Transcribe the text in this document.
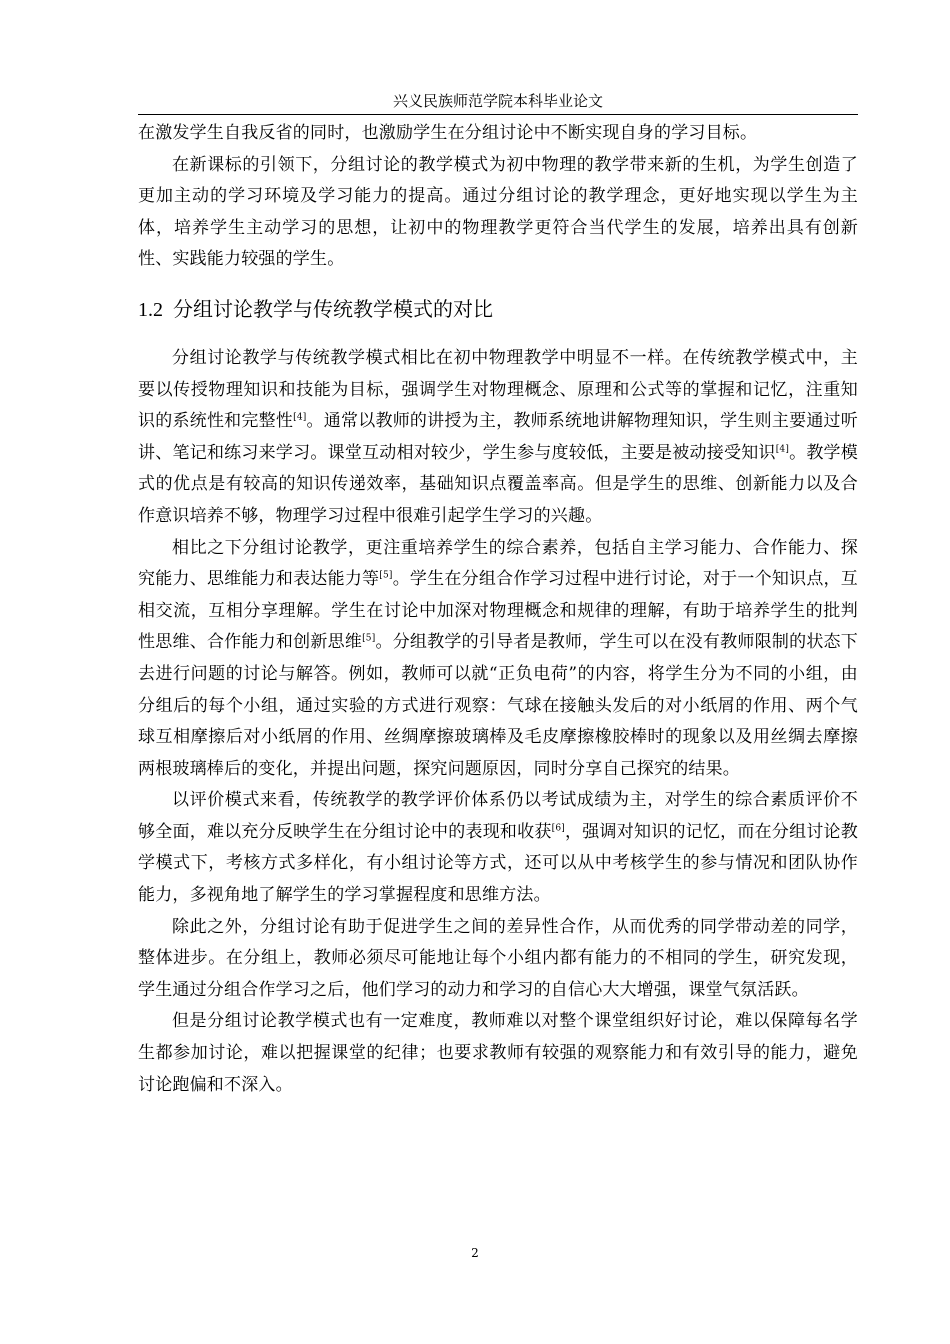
兴义民族师范学院本科毕业论文

在激发学生自我反省的同时，也激励学生在分组讨论中不断实现自身的学习目标。

在新课标的引领下，分组讨论的教学模式为初中物理的教学带来新的生机，为学生创造了更加主动的学习环境及学习能力的提高。通过分组讨论的教学理念，更好地实现以学生为主体，培养学生主动学习的思想，让初中的物理教学更符合当代学生的发展，培养出具有创新性、实践能力较强的学生。

1.2 分组讨论教学与传统教学模式的对比

分组讨论教学与传统教学模式相比在初中物理教学中明显不一样。在传统教学模式中，主要以传授物理知识和技能为目标，强调学生对物理概念、原理和公式等的掌握和记忆，注重知识的系统性和完整性[4]。通常以教师的讲授为主，教师系统地讲解物理知识，学生则主要通过听讲、笔记和练习来学习。课堂互动相对较少，学生参与度较低，主要是被动接受知识[4]。教学模式的优点是有较高的知识传递效率，基础知识点覆盖率高。但是学生的思维、创新能力以及合作意识培养不够，物理学习过程中很难引起学生学习的兴趣。

相比之下分组讨论教学，更注重培养学生的综合素养，包括自主学习能力、合作能力、探究能力、思维能力和表达能力等[5]。学生在分组合作学习过程中进行讨论，对于一个知识点，互相交流，互相分享理解。学生在讨论中加深对物理概念和规律的理解，有助于培养学生的批判性思维、合作能力和创新思维[5]。分组教学的引导者是教师，学生可以在没有教师限制的状态下去进行问题的讨论与解答。例如，教师可以就“正负电荷”的内容，将学生分为不同的小组，由分组后的每个小组，通过实验的方式进行观察：气球在接触头发后的对小纸屑的作用、两个气球互相摩擦后对小纸屑的作用、丝绸摩擦玻璃棒及毛皮摩擦橡胶棒时的现象以及用丝绸去摩擦两根玻璃棒后的变化，并提出问题，探究问题原因，同时分享自己探究的结果。

以评价模式来看，传统教学的教学评价体系仍以考试成绩为主，对学生的综合素质评价不够全面，难以充分反映学生在分组讨论中的表现和收获[6]，强调对知识的记忆，而在分组讨论教学模式下，考核方式多样化，有小组讨论等方式，还可以从中考核学生的参与情况和团队协作能力，多视角地了解学生的学习掌握程度和思维方法。

除此之外，分组讨论有助于促进学生之间的差异性合作，从而优秀的同学带动差的同学，整体进步。在分组上，教师必须尽可能地让每个小组内都有能力的不相同的学生，研究发现，学生通过分组合作学习之后，他们学习的动力和学习的自信心大大增强，课堂气氛活跃。

但是分组讨论教学模式也有一定难度，教师难以对整个课堂组织好讨论，难以保障每名学生都参加讨论，难以把握课堂的纪律；也要求教师有较强的观察能力和有效引导的能力，避免讨论跑偏和不深入。

2
